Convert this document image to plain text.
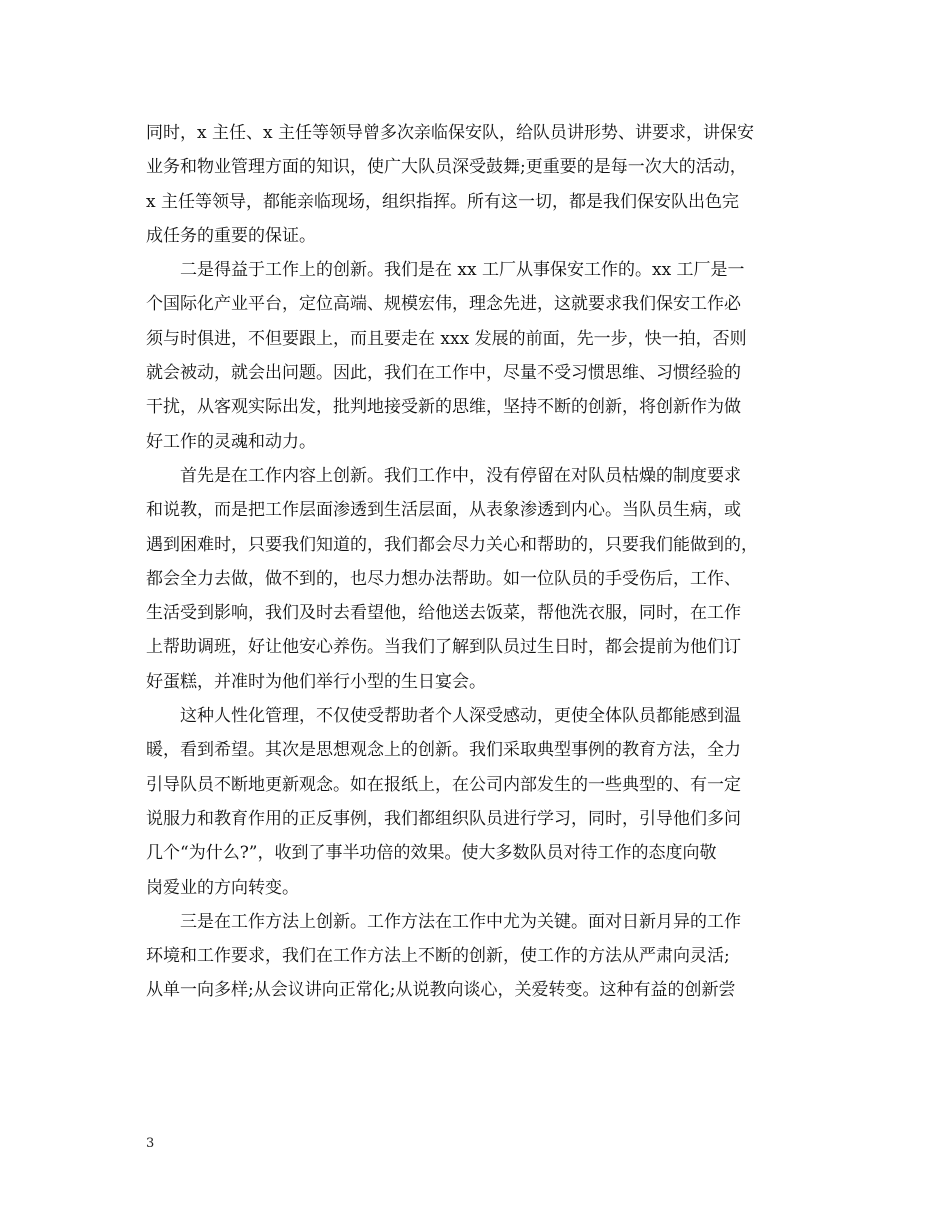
同时，x 主任、x 主任等领导曾多次亲临保安队，给队员讲形势、讲要求，讲保安
业务和物业管理方面的知识，使广大队员深受鼓舞;更重要的是每一次大的活动，
x 主任等领导，都能亲临现场，组织指挥。所有这一切，都是我们保安队出色完
成任务的重要的保证。
　　二是得益于工作上的创新。我们是在 xx 工厂从事保安工作的。xx 工厂是一
个国际化产业平台，定位高端、规模宏伟，理念先进，这就要求我们保安工作必
须与时俱进，不但要跟上，而且要走在 xxx 发展的前面，先一步，快一拍，否则
就会被动，就会出问题。因此，我们在工作中，尽量不受习惯思维、习惯经验的
干扰，从客观实际出发，批判地接受新的思维，坚持不断的创新，将创新作为做
好工作的灵魂和动力。
　　首先是在工作内容上创新。我们工作中，没有停留在对队员枯燥的制度要求
和说教，而是把工作层面渗透到生活层面，从表象渗透到内心。当队员生病，或
遇到困难时，只要我们知道的，我们都会尽力关心和帮助的，只要我们能做到的，
都会全力去做，做不到的，也尽力想办法帮助。如一位队员的手受伤后，工作、
生活受到影响，我们及时去看望他，给他送去饭菜，帮他洗衣服，同时，在工作
上帮助调班，好让他安心养伤。当我们了解到队员过生日时，都会提前为他们订
好蛋糕，并准时为他们举行小型的生日宴会。
　　这种人性化管理，不仅使受帮助者个人深受感动，更使全体队员都能感到温
暖，看到希望。其次是思想观念上的创新。我们采取典型事例的教育方法，全力
引导队员不断地更新观念。如在报纸上，在公司内部发生的一些典型的、有一定
说服力和教育作用的正反事例，我们都组织队员进行学习，同时，引导他们多问
几个“为什么?”，收到了事半功倍的效果。使大多数队员对待工作的态度向敬
岗爱业的方向转变。
　　三是在工作方法上创新。工作方法在工作中尤为关键。面对日新月异的工作
环境和工作要求，我们在工作方法上不断的创新，使工作的方法从严肃向灵活;
从单一向多样;从会议讲向正常化;从说教向谈心，关爱转变。这种有益的创新尝
3
